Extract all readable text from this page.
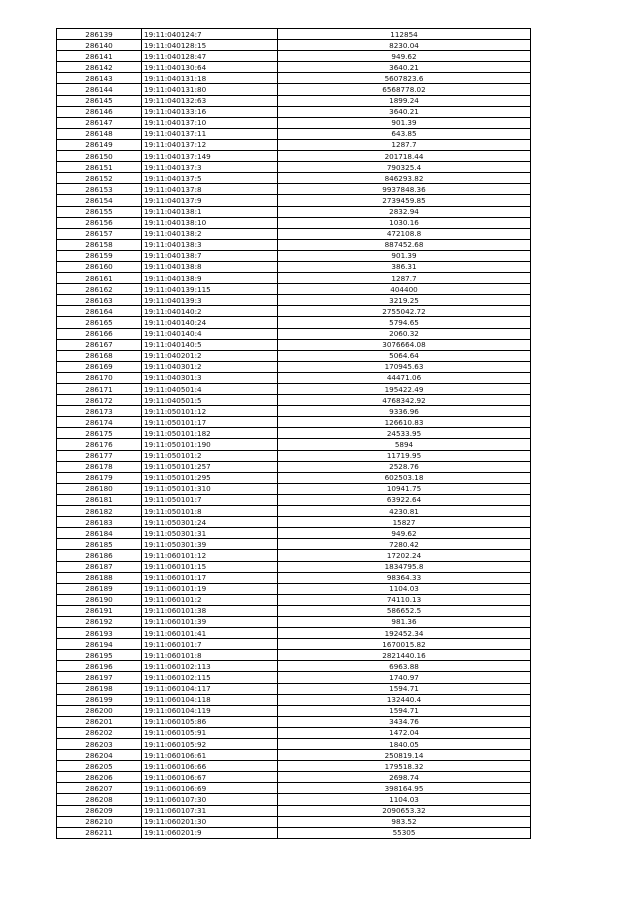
286139	19:11:040124:7	112854
286140	19:11:040128:15	8230.04
286141	19:11:040128:47	949.62
286142	19:11:040130:64	3640.21
286143	19:11:040131:18	5607823.6
286144	19:11:040131:80	6568778.02
286145	19:11:040132:63	1899.24
286146	19:11:040133:16	3640.21
286147	19:11:040137:10	901.39
286148	19:11:040137:11	643.85
286149	19:11:040137:12	1287.7
286150	19:11:040137:149	201718.44
286151	19:11:040137:3	790325.4
286152	19:11:040137:5	846293.82
286153	19:11:040137:8	9937848.36
286154	19:11:040137:9	2739459.85
286155	19:11:040138:1	2832.94
286156	19:11:040138:10	1030.16
286157	19:11:040138:2	472108.8
286158	19:11:040138:3	887452.68
286159	19:11:040138:7	901.39
286160	19:11:040138:8	386.31
286161	19:11:040138:9	1287.7
286162	19:11:040139:115	404400
286163	19:11:040139:3	3219.25
286164	19:11:040140:2	2755042.72
286165	19:11:040140:24	5794.65
286166	19:11:040140:4	2060.32
286167	19:11:040140:5	3076664.08
286168	19:11:040201:2	5064.64
286169	19:11:040301:2	170945.63
286170	19:11:040301:3	44471.06
286171	19:11:040501:4	195422.49
286172	19:11:040501:5	4768342.92
286173	19:11:050101:12	9336.96
286174	19:11:050101:17	126610.83
286175	19:11:050101:182	24533.95
286176	19:11:050101:190	5894
286177	19:11:050101:2	11719.95
286178	19:11:050101:257	2528.76
286179	19:11:050101:295	602503.18
286180	19:11:050101:310	10941.75
286181	19:11:050101:7	63922.64
286182	19:11:050101:8	4230.81
286183	19:11:050301:24	15827
286184	19:11:050301:31	949.62
286185	19:11:050301:39	7280.42
286186	19:11:060101:12	17202.24
286187	19:11:060101:15	1834795.8
286188	19:11:060101:17	98364.33
286189	19:11:060101:19	1104.03
286190	19:11:060101:2	74110.13
286191	19:11:060101:38	586652.5
286192	19:11:060101:39	981.36
286193	19:11:060101:41	192452.34
286194	19:11:060101:7	1670015.82
286195	19:11:060101:8	2821440.16
286196	19:11:060102:113	6963.88
286197	19:11:060102:115	1740.97
286198	19:11:060104:117	1594.71
286199	19:11:060104:118	132440.4
286200	19:11:060104:119	1594.71
286201	19:11:060105:86	3434.76
286202	19:11:060105:91	1472.04
286203	19:11:060105:92	1840.05
286204	19:11:060106:61	250819.14
286205	19:11:060106:66	179518.32
286206	19:11:060106:67	2698.74
286207	19:11:060106:69	398164.95
286208	19:11:060107:30	1104.03
286209	19:11:060107:31	2090653.32
286210	19:11:060201:30	983.52
286211	19:11:060201:9	55305
